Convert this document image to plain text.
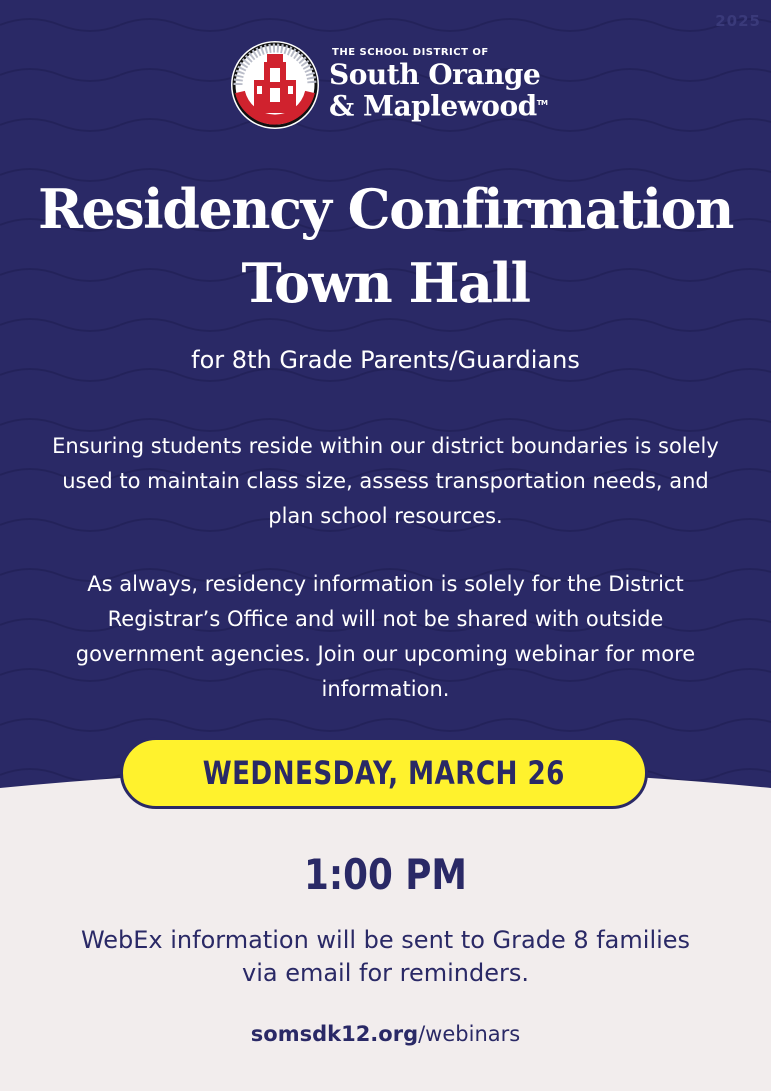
2025
THE SCHOOL DISTRICT OF
South Orange
& Maplewood™
Residency Confirmation
Town Hall
for 8th Grade Parents/Guardians
Ensuring students reside within our district boundaries is solely used to maintain class size, assess transportation needs, and plan school resources.
As always, residency information is solely for the District Registrar’s Office and will not be shared with outside government agencies. Join our upcoming webinar for more information.
WEDNESDAY, MARCH 26
1:00 PM
WebEx information will be sent to Grade 8 families via email for reminders.
somsdk12.org/webinars
